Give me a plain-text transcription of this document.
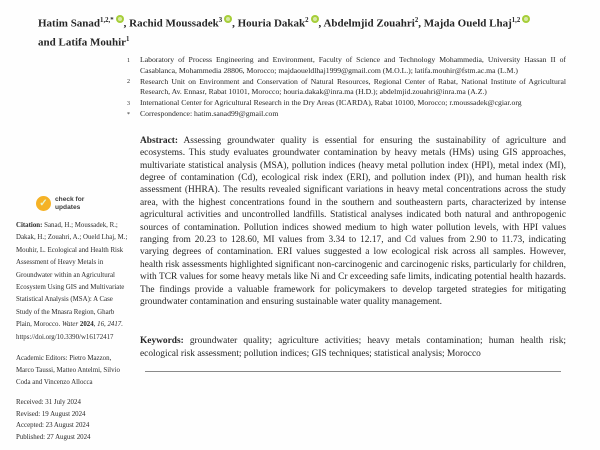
Hatim Sanad$^{1,2,*}$ , Rachid Moussadek$^3$ , Houria Dakak$^2$ , Abdelmjid Zouahri$^2$, Majda Oueld Lhaj$^{1,2}$
and Latifa Mouhir$^1$
✓	check for
updates

Citation: Sanad, H.; Moussadek, R.; Dakak, H.; Zouahri, A.; Oueld Lhaj, M.; Mouhir, L. Ecological and Health Risk Assessment of Heavy Metals in Groundwater within an Agricultural Ecosystem Using GIS and Multivariate Statistical Analysis (MSA): A Case Study of the Mnasra Region, Gharb Plain, Morocco. Water 2024, 16, 2417. https://doi.org/10.3390/w16172417

Academic Editors: Pietro Mazzon, Marco Taussi, Matteo Antelmi, Silvio Coda and Vincenzo Allocca

Received: 31 July 2024
Revised: 19 August 2024
Accepted: 23 August 2024
Published: 27 August 2024
1	Laboratory of Process Engineering and Environment, Faculty of Science and Technology Mohammedia, University Hassan II of Casablanca, Mohammedia 28806, Morocco; majdaoueldlhaj1999@gmail.com (M.O.L.); latifa.mouhir@fstm.ac.ma (L.M.)
2	Research Unit on Environment and Conservation of Natural Resources, Regional Center of Rabat, National Institute of Agricultural Research, Av. Ennasr, Rabat 10101, Morocco; houria.dakak@inra.ma (H.D.); abdelmjid.zouahri@inra.ma (A.Z.)
3	International Center for Agricultural Research in the Dry Areas (ICARDA), Rabat 10100, Morocco; r.moussadek@cgiar.org
*	Correspondence: hatim.sanad99@gmail.com

Abstract: Assessing groundwater quality is essential for ensuring the sustainability of agriculture and ecosystems. This study evaluates groundwater contamination by heavy metals (HMs) using GIS approaches, multivariate statistical analysis (MSA), pollution indices (heavy metal pollution index (HPI), metal index (MI), degree of contamination (Cd), ecological risk index (ERI), and pollution index (PI)), and human health risk assessment (HHRA). The results revealed significant variations in heavy metal concentrations across the study area, with the highest concentrations found in the southern and southeastern parts, characterized by intense agricultural activities and uncontrolled landfills. Statistical analyses indicated both natural and anthropogenic sources of contamination. Pollution indices showed medium to high water pollution levels, with HPI values ranging from 20.23 to 128.60, MI values from 3.34 to 12.17, and Cd values from 2.90 to 11.73, indicating varying degrees of contamination. ERI values suggested a low ecological risk across all samples. However, health risk assessments highlighted significant non-carcinogenic and carcinogenic risks, particularly for children, with TCR values for some heavy metals like Ni and Cr exceeding safe limits, indicating potential health hazards. The findings provide a valuable framework for policymakers to develop targeted strategies for mitigating groundwater contamination and ensuring sustainable water quality management.

Keywords: groundwater quality; agriculture activities; heavy metals contamination; human health risk; ecological risk assessment; pollution indices; GIS techniques; statistical analysis; Morocco
